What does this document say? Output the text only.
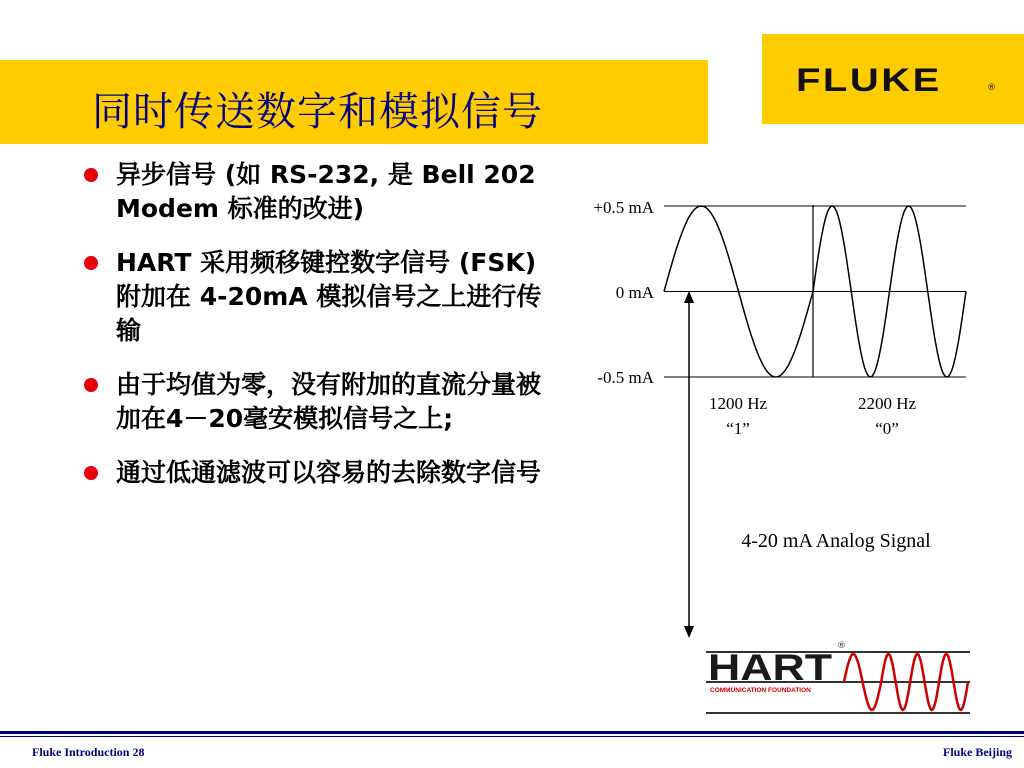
同时传送数字和模拟信号
FLUKE	®
异步信号 (如 RS-232, 是 Bell 202 Modem 标准的改进)
HART 采用频移键控数字信号 (FSK) 附加在 4-20mA 模拟信号之上进行传输
由于均值为零，没有附加的直流分量被加在4－20毫安模拟信号之上;
通过低通滤波可以容易的去除数字信号
+0.5 mA
0 mA
-0.5 mA
1200 Hz
“1”
2200 Hz
“0”
4-20 mA Analog Signal
HART
®
COMMUNICATION FOUNDATION
Fluke Introduction 28	Fluke Beijing
